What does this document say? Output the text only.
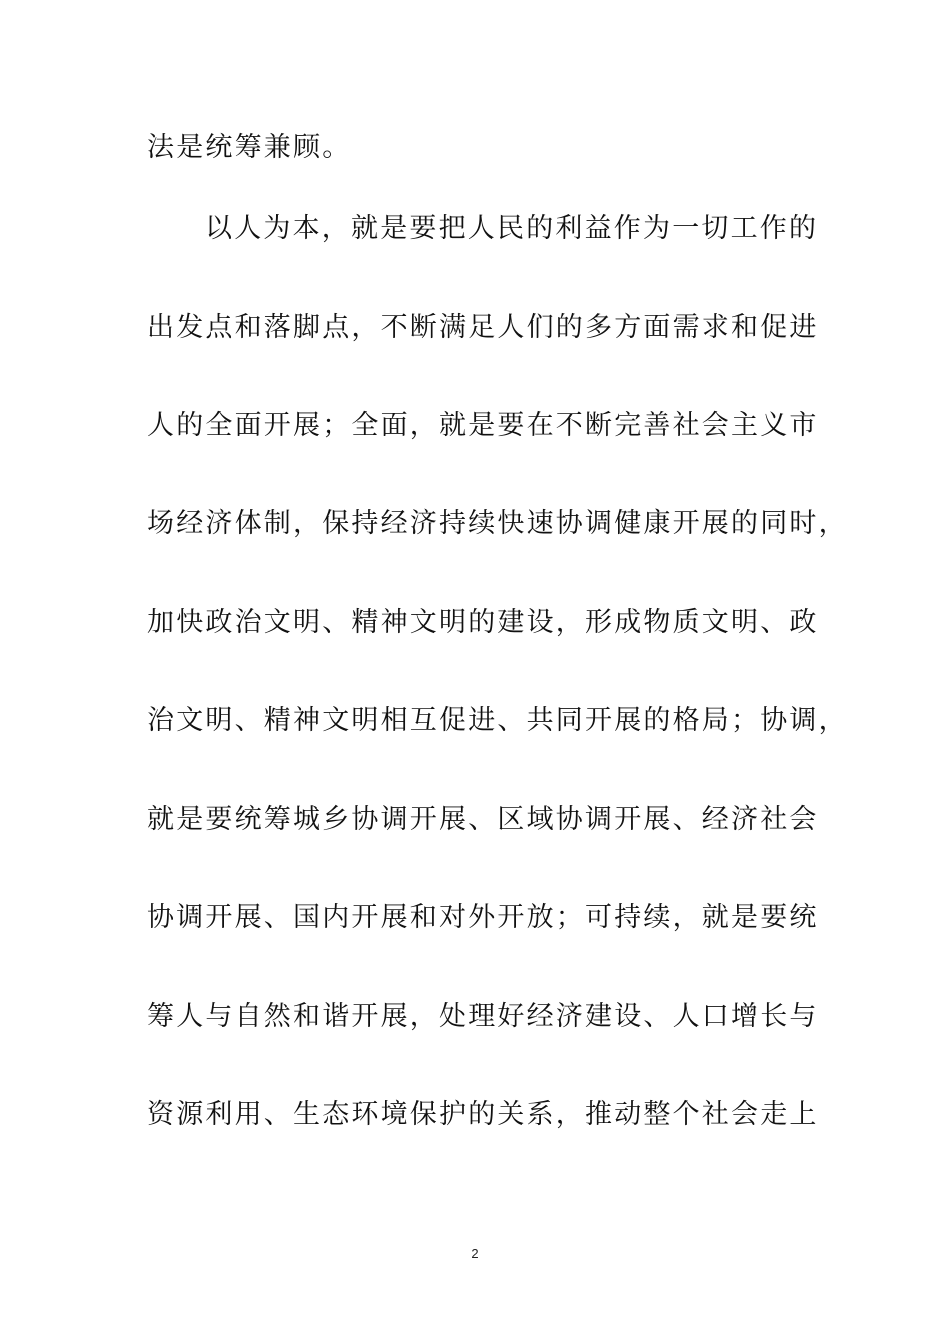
法是统筹兼顾。
以人为本，就是要把人民的利益作为一切工作的
出发点和落脚点，不断满足人们的多方面需求和促进
人的全面开展；全面，就是要在不断完善社会主义市
场经济体制，保持经济持续快速协调健康开展的同时，
加快政治文明、精神文明的建设，形成物质文明、政
治文明、精神文明相互促进、共同开展的格局；协调，
就是要统筹城乡协调开展、区域协调开展、经济社会
协调开展、国内开展和对外开放；可持续，就是要统
筹人与自然和谐开展，处理好经济建设、人口增长与
资源利用、生态环境保护的关系，推动整个社会走上
2
